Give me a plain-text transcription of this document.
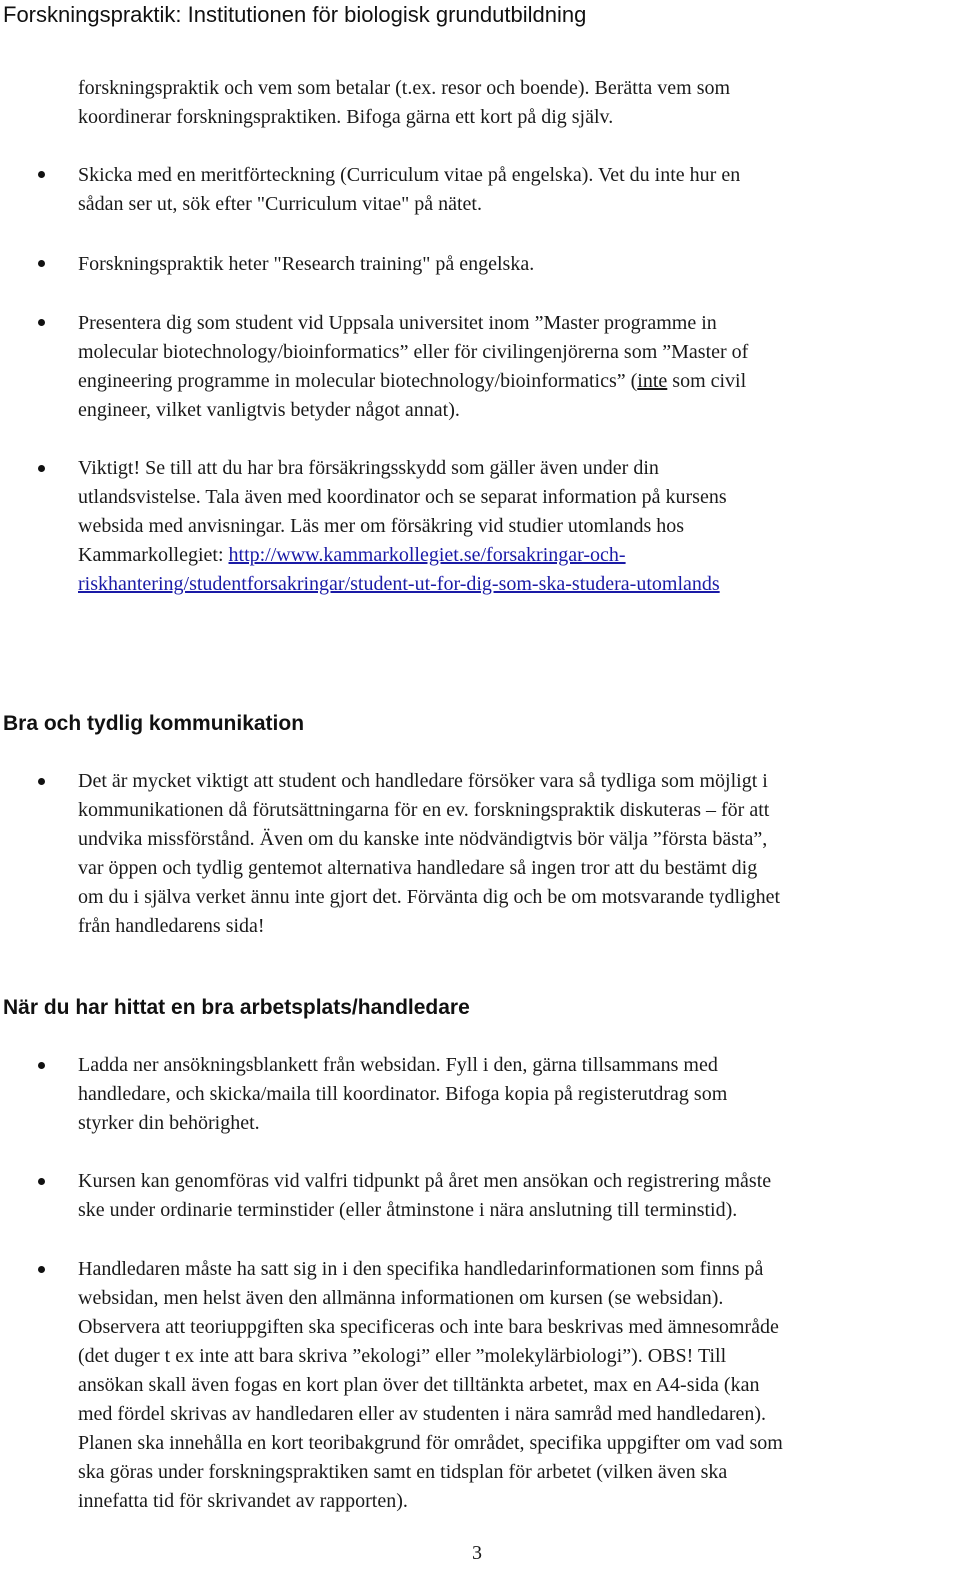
Forskningspraktik: Institutionen för biologisk grundutbildning
forskningspraktik och vem som betalar (t.ex. resor och boende). Berätta vem som
koordinerar forskningspraktiken. Bifoga gärna ett kort på dig själv.
Skicka med en meritförteckning (Curriculum vitae på engelska). Vet du inte hur en
sådan ser ut, sök efter "Curriculum vitae" på nätet.
Forskningspraktik heter "Research training" på engelska.
Presentera dig som student vid Uppsala universitet inom ”Master programme in
molecular biotechnology/bioinformatics” eller för civilingenjörerna som ”Master of
engineering programme in molecular biotechnology/bioinformatics” (inte som civil
engineer, vilket vanligtvis betyder något annat).
Viktigt! Se till att du har bra försäkringsskydd som gäller även under din
utlandsvistelse. Tala även med koordinator och se separat information på kursens
websida med anvisningar. Läs mer om försäkring vid studier utomlands hos
Kammarkollegiet: http://www.kammarkollegiet.se/forsakringar-och-
riskhantering/studentforsakringar/student-ut-for-dig-som-ska-studera-utomlands
Bra och tydlig kommunikation
Det är mycket viktigt att student och handledare försöker vara så tydliga som möjligt i
kommunikationen då förutsättningarna för en ev. forskningspraktik diskuteras – för att
undvika missförstånd. Även om du kanske inte nödvändigtvis bör välja ”första bästa”,
var öppen och tydlig gentemot alternativa handledare så ingen tror att du bestämt dig
om du i själva verket ännu inte gjort det. Förvänta dig och be om motsvarande tydlighet
från handledarens sida!
När du har hittat en bra arbetsplats/handledare
Ladda ner ansökningsblankett från websidan. Fyll i den, gärna tillsammans med
handledare, och skicka/maila till koordinator. Bifoga kopia på registerutdrag som
styrker din behörighet.
Kursen kan genomföras vid valfri tidpunkt på året men ansökan och registrering måste
ske under ordinarie terminstider (eller åtminstone i nära anslutning till terminstid).
Handledaren måste ha satt sig in i den specifika handledarinformationen som finns på
websidan, men helst även den allmänna informationen om kursen (se websidan).
Observera att teoriuppgiften ska specificeras och inte bara beskrivas med ämnesområde
(det duger t ex inte att bara skriva ”ekologi” eller ”molekylärbiologi”). OBS! Till
ansökan skall även fogas en kort plan över det tilltänkta arbetet, max en A4-sida (kan
med fördel skrivas av handledaren eller av studenten i nära samråd med handledaren).
Planen ska innehålla en kort teoribakgrund för området, specifika uppgifter om vad som
ska göras under forskningspraktiken samt en tidsplan för arbetet (vilken även ska
innefatta tid för skrivandet av rapporten).
3
